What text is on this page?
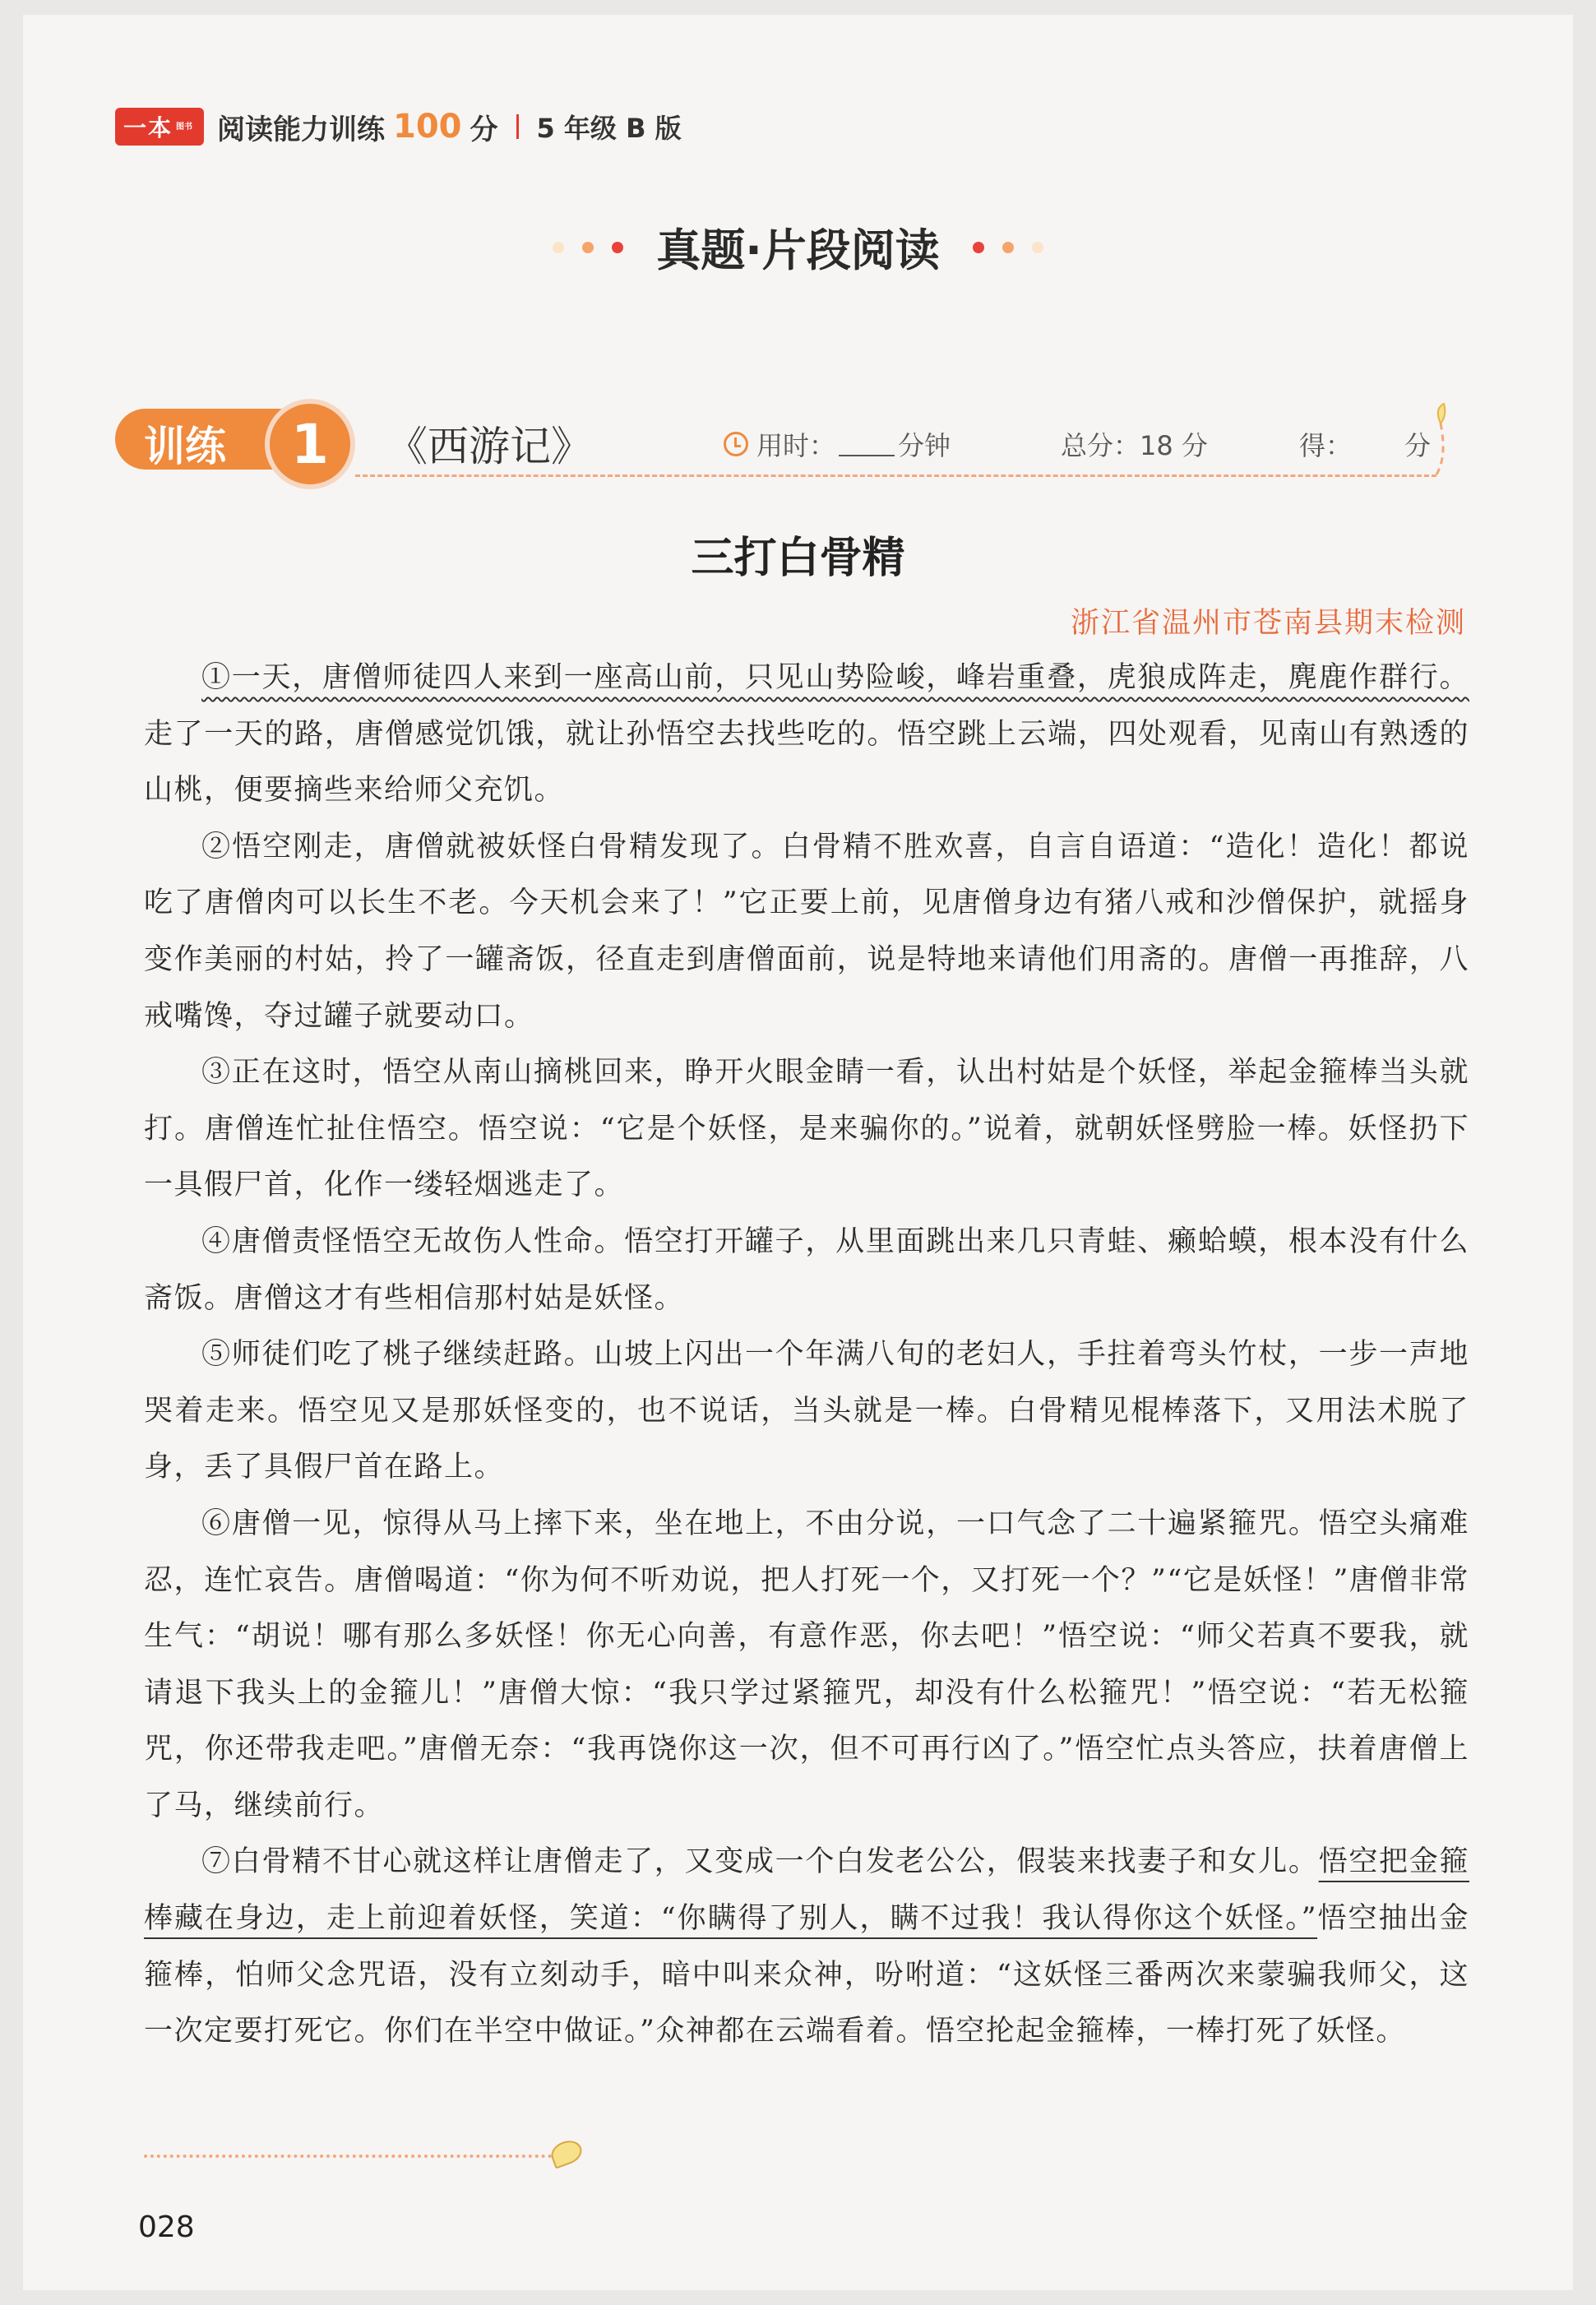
一本 图书 阅读能力训练 100 分 5 年级 B 版
真题·片段阅读
训练	1	《西游记》	用时： 分钟	总分：18 分	得： 分
三打白骨精
浙江省温州市苍南县期末检测

①一天，唐僧师徒四人来到一座高山前，只见山势险峻，峰岩重叠，虎狼成阵走，麂鹿作群行。走了一天的路，唐僧感觉饥饿，就让孙悟空去找些吃的。悟空跳上云端，四处观看，见南山有熟透的山桃，便要摘些来给师父充饥。

②悟空刚走，唐僧就被妖怪白骨精发现了。白骨精不胜欢喜，自言自语道：“造化！造化！都说吃了唐僧肉可以长生不老。今天机会来了！”它正要上前，见唐僧身边有猪八戒和沙僧保护，就摇身变作美丽的村姑，拎了一罐斋饭，径直走到唐僧面前，说是特地来请他们用斋的。唐僧一再推辞，八戒嘴馋，夺过罐子就要动口。

③正在这时，悟空从南山摘桃回来，睁开火眼金睛一看，认出村姑是个妖怪，举起金箍棒当头就打。唐僧连忙扯住悟空。悟空说：“它是个妖怪，是来骗你的。”说着，就朝妖怪劈脸一棒。妖怪扔下一具假尸首，化作一缕轻烟逃走了。

④唐僧责怪悟空无故伤人性命。悟空打开罐子，从里面跳出来几只青蛙、癞蛤蟆，根本没有什么斋饭。唐僧这才有些相信那村姑是妖怪。

⑤师徒们吃了桃子继续赶路。山坡上闪出一个年满八旬的老妇人，手拄着弯头竹杖，一步一声地哭着走来。悟空见又是那妖怪变的，也不说话，当头就是一棒。白骨精见棍棒落下，又用法术脱了身，丢了具假尸首在路上。

⑥唐僧一见，惊得从马上摔下来，坐在地上，不由分说，一口气念了二十遍紧箍咒。悟空头痛难忍，连忙哀告。唐僧喝道：“你为何不听劝说，把人打死一个，又打死一个？”“它是妖怪！”唐僧非常生气：“胡说！哪有那么多妖怪！你无心向善，有意作恶，你去吧！”悟空说：“师父若真不要我，就请退下我头上的金箍儿！”唐僧大惊：“我只学过紧箍咒，却没有什么松箍咒！”悟空说：“若无松箍咒，你还带我走吧。”唐僧无奈：“我再饶你这一次，但不可再行凶了。”悟空忙点头答应，扶着唐僧上了马，继续前行。

⑦白骨精不甘心就这样让唐僧走了，又变成一个白发老公公，假装来找妻子和女儿。悟空把金箍棒藏在身边，走上前迎着妖怪，笑道：“你瞒得了别人，瞒不过我！我认得你这个妖怪。”悟空抽出金箍棒，怕师父念咒语，没有立刻动手，暗中叫来众神，吩咐道：“这妖怪三番两次来蒙骗我师父，这一次定要打死它。你们在半空中做证。”众神都在云端看着。悟空抡起金箍棒，一棒打死了妖怪。

028
